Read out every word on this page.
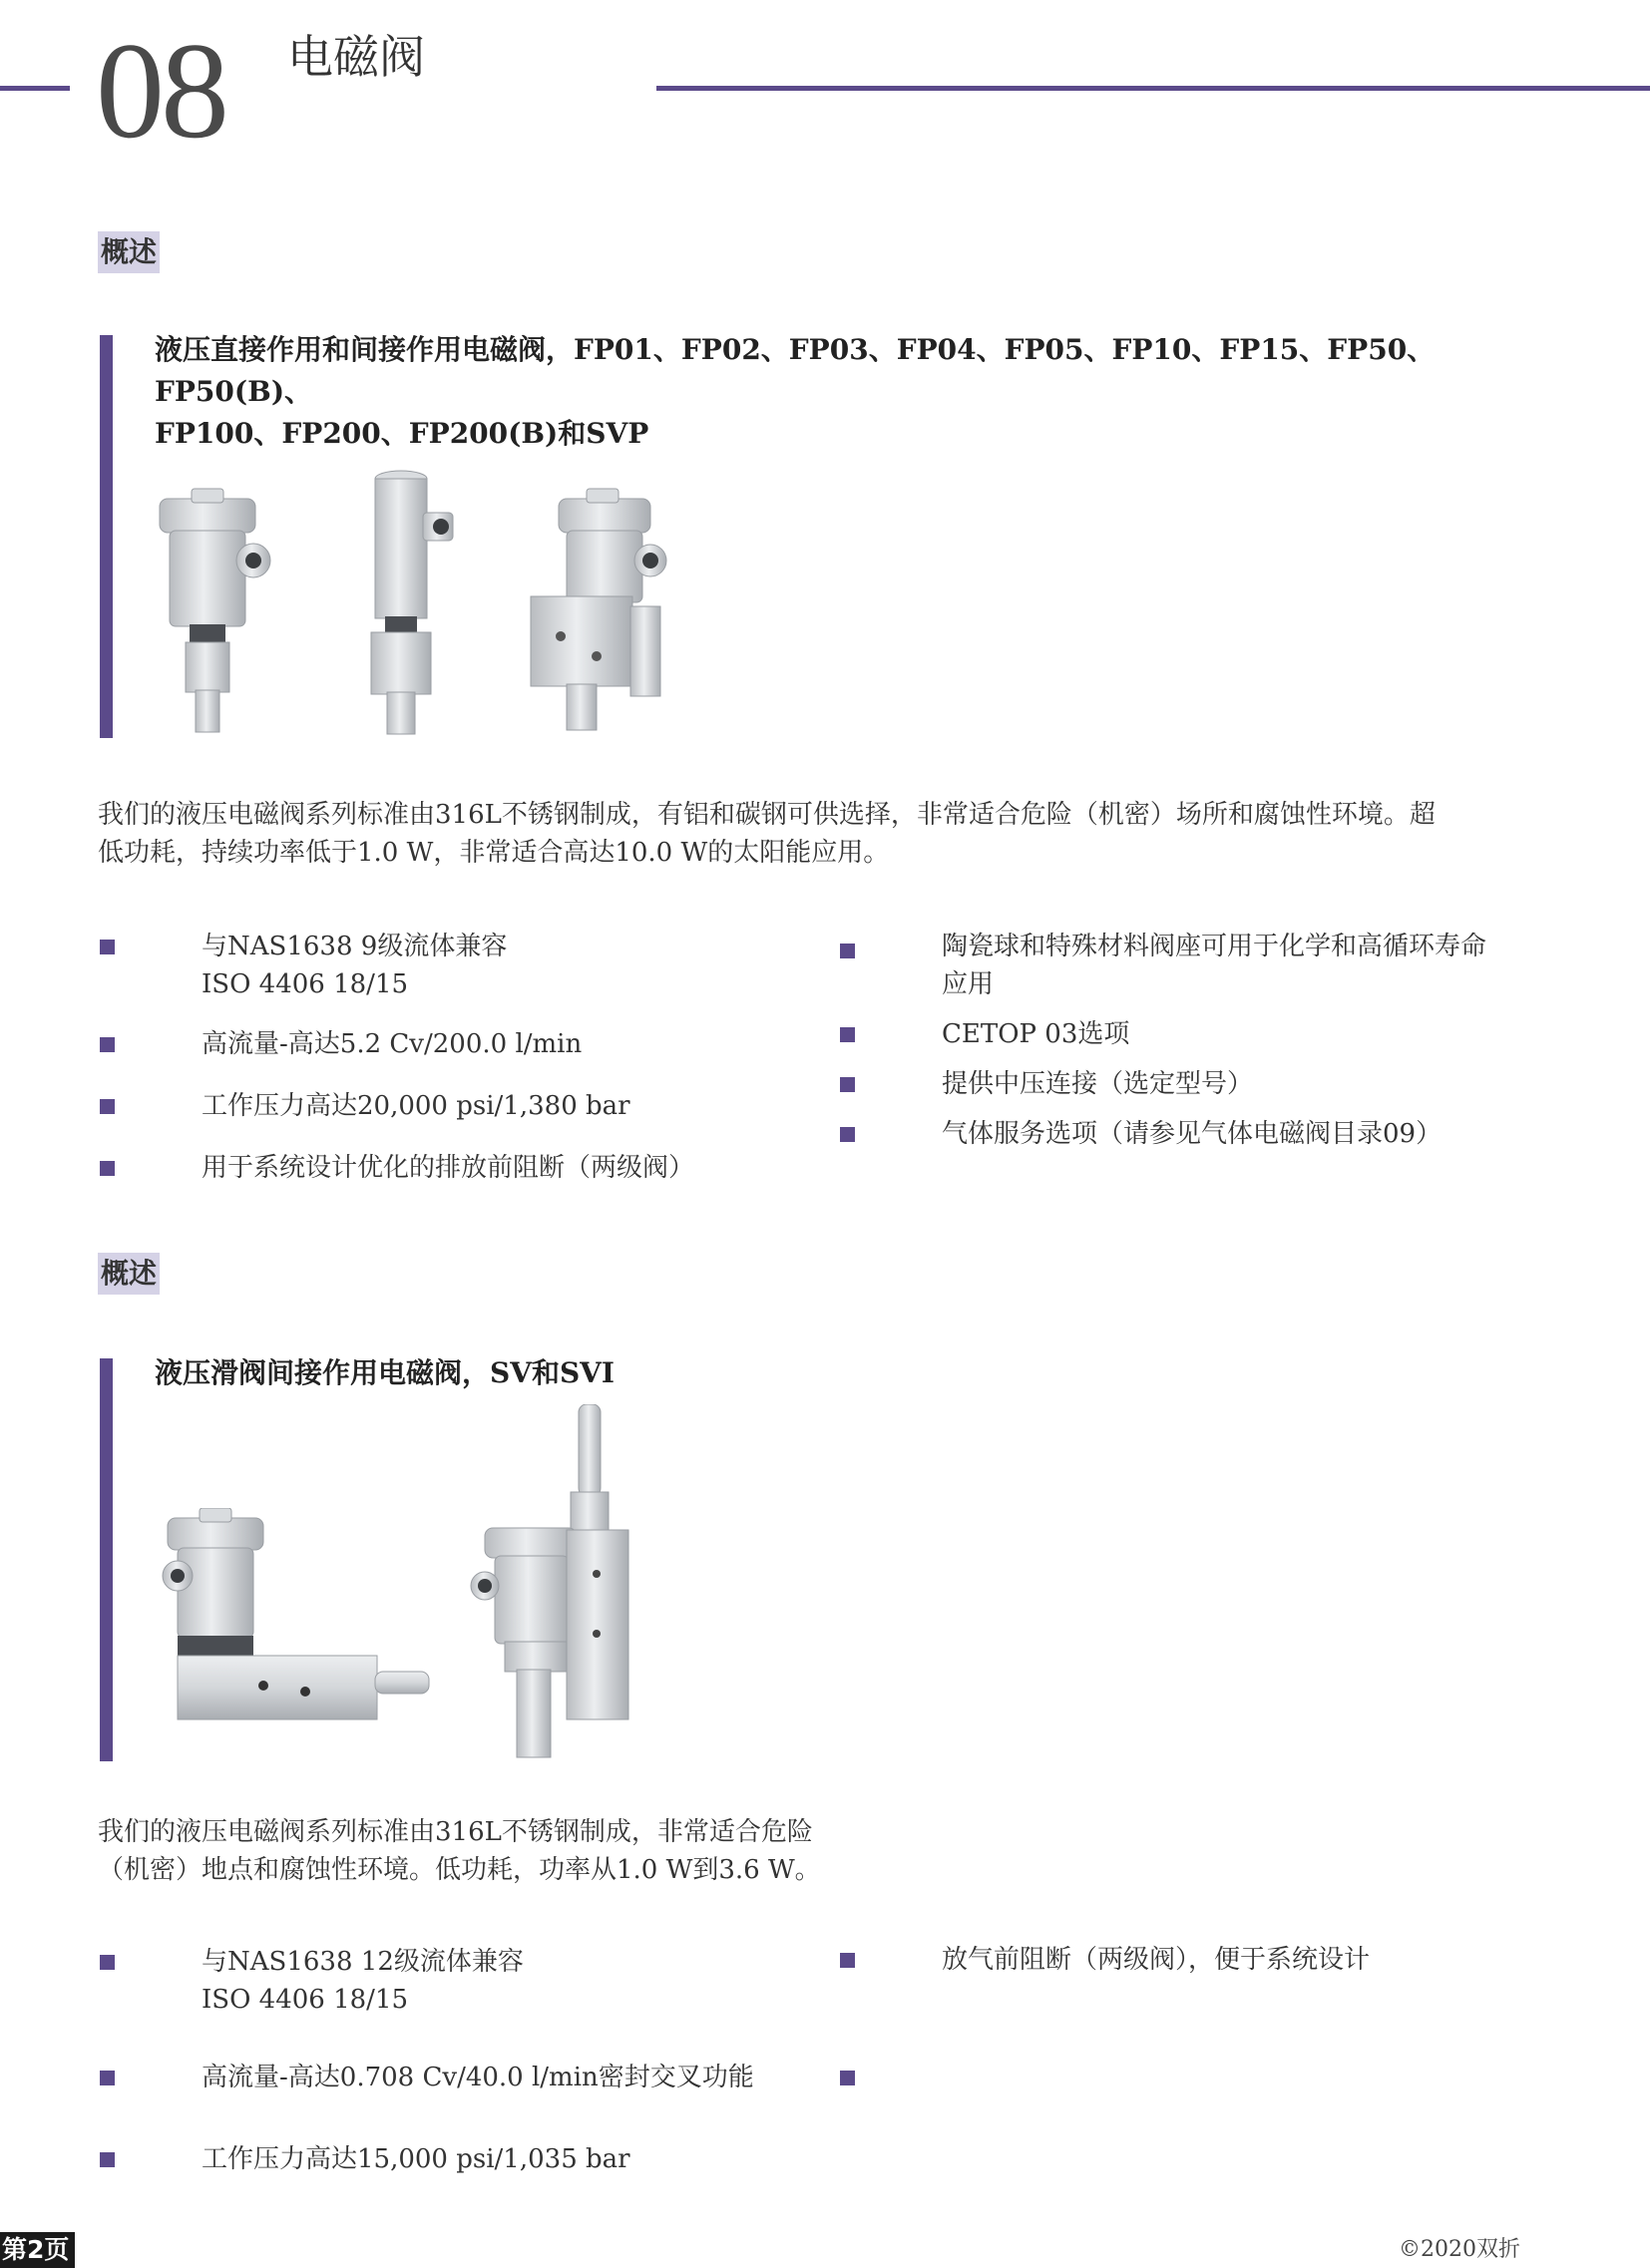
08 电磁阀
概述
液压直接作用和间接作用电磁阀，FP01、FP02、FP03、FP04、FP05、FP10、FP15、FP50、FP50(B)、
FP100、FP200、FP200(B)和SVP
我们的液压电磁阀系列标准由316L不锈钢制成，有铝和碳钢可供选择，非常适合危险（机密）场所和腐蚀性环境。超
低功耗，持续功率低于1.0 W，非常适合高达10.0 W的太阳能应用。
与NAS1638 9级流体兼容
ISO 4406 18/15
高流量-高达5.2 Cv/200.0 l/min
工作压力高达20,000 psi/1,380 bar
用于系统设计优化的排放前阻断（两级阀）
陶瓷球和特殊材料阀座可用于化学和高循环寿命
应用
CETOP 03选项
提供中压连接（选定型号）
气体服务选项（请参见气体电磁阀目录09）
概述
液压滑阀间接作用电磁阀，SV和SVI
我们的液压电磁阀系列标准由316L不锈钢制成，非常适合危险
（机密）地点和腐蚀性环境。低功耗，功率从1.0 W到3.6 W。
与NAS1638 12级流体兼容
ISO 4406 18/15
高流量-高达0.708 Cv/40.0 l/min密封交叉功能
工作压力高达15,000 psi/1,035 bar
放气前阻断（两级阀），便于系统设计
第2页	©2020双折
